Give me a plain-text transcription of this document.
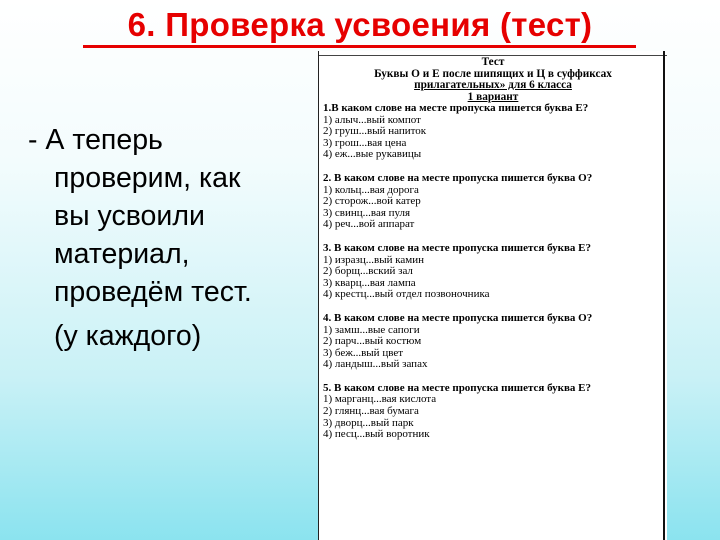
6. Проверка усвоения (тест)
- А теперь
проверим, как
вы усвоили
материал,
проведём тест.
(у каждого)
Тест
Буквы О и Е после шипящих и Ц в суффиксах
прилагательных» для 6 класса
1 вариант
1.В каком слове на месте пропуска пишется буква Е?
1) алыч...вый компот
2) груш...вый напиток
3) грош...вая цена
4) еж...вые рукавицы
2. В каком слове на месте пропуска пишется буква О?
1) кольц...вая дорога
2) сторож...вой катер
3) свинц...вая пуля
4) реч...вой аппарат
3. В каком слове на месте пропуска пишется буква Е?
1) изразц...вый камин
2) борщ...вский зал
3) кварц...вая лампа
4) крестц...вый отдел позвоночника
4. В каком слове на месте пропуска пишется буква О?
1) замш...вые сапоги
2) парч...вый костюм
3) беж...вый цвет
4) ландыш...вый запах
5. В каком слове на месте пропуска пишется буква Е?
1) марганц...вая кислота
2) глянц...вая бумага
3) дворц...вый парк
4) песц...вый воротник
